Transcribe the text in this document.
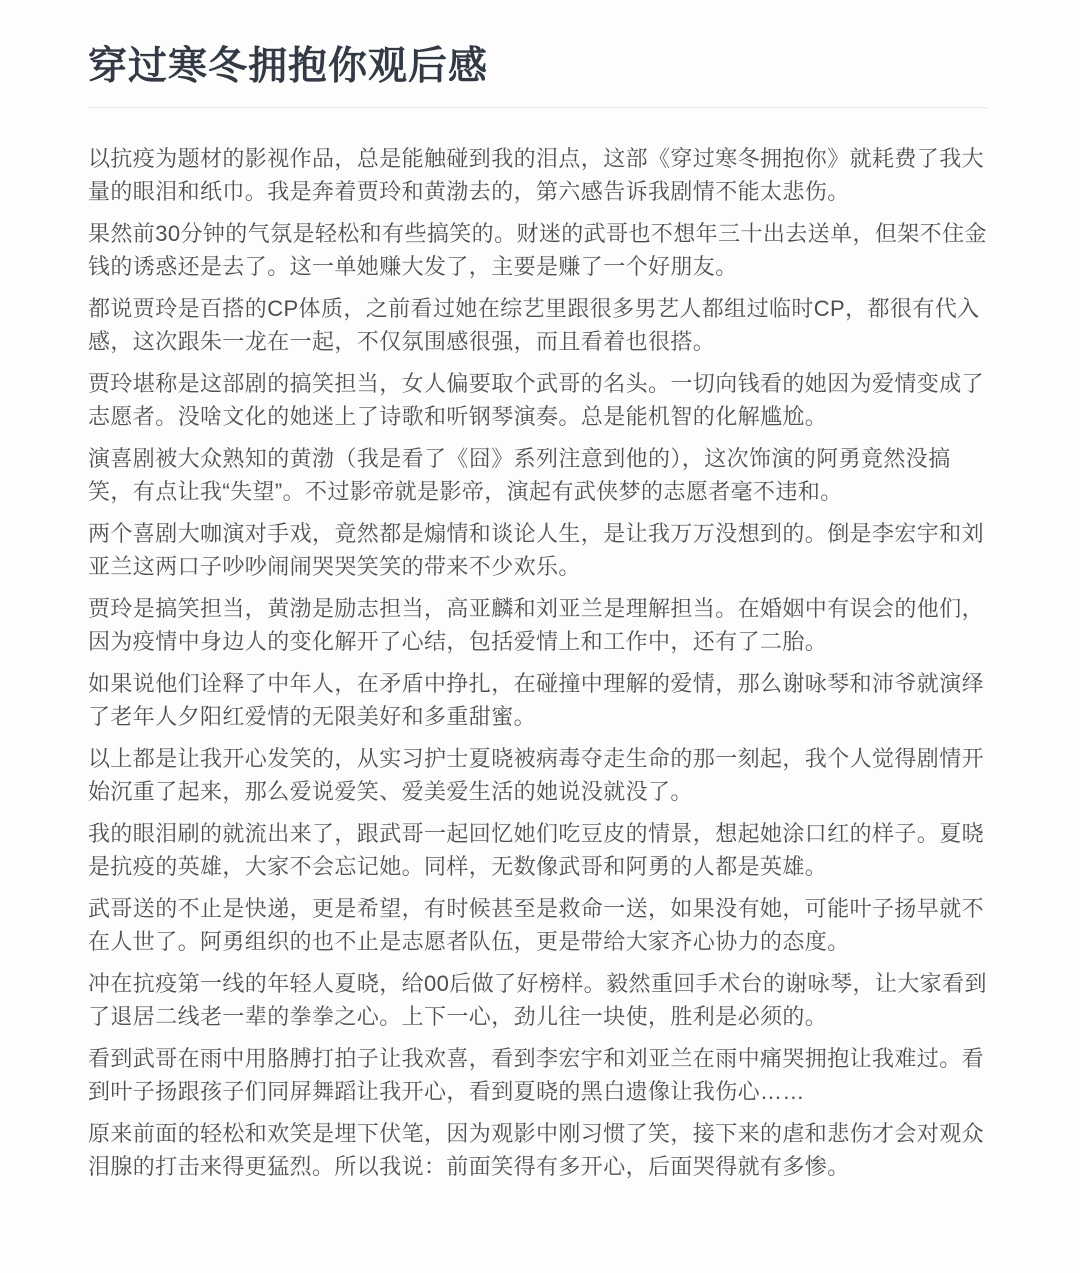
穿过寒冬拥抱你观后感

以抗疫为题材的影视作品，总是能触碰到我的泪点，这部《穿过寒冬拥抱你》就耗费了我大量的眼泪和纸巾。我是奔着贾玲和黄渤去的，第六感告诉我剧情不能太悲伤。

果然前30分钟的气氛是轻松和有些搞笑的。财迷的武哥也不想年三十出去送单，但架不住金钱的诱惑还是去了。这一单她赚大发了，主要是赚了一个好朋友。

都说贾玲是百搭的CP体质，之前看过她在综艺里跟很多男艺人都组过临时CP，都很有代入感，这次跟朱一龙在一起，不仅氛围感很强，而且看着也很搭。

贾玲堪称是这部剧的搞笑担当，女人偏要取个武哥的名头。一切向钱看的她因为爱情变成了志愿者。没啥文化的她迷上了诗歌和听钢琴演奏。总是能机智的化解尴尬。

演喜剧被大众熟知的黄渤（我是看了《囧》系列注意到他的），这次饰演的阿勇竟然没搞笑，有点让我“失望”。不过影帝就是影帝，演起有武侠梦的志愿者毫不违和。

两个喜剧大咖演对手戏，竟然都是煽情和谈论人生，是让我万万没想到的。倒是李宏宇和刘亚兰这两口子吵吵闹闹哭哭笑笑的带来不少欢乐。

贾玲是搞笑担当，黄渤是励志担当，高亚麟和刘亚兰是理解担当。在婚姻中有误会的他们，因为疫情中身边人的变化解开了心结，包括爱情上和工作中，还有了二胎。

如果说他们诠释了中年人，在矛盾中挣扎，在碰撞中理解的爱情，那么谢咏琴和沛爷就演绎了老年人夕阳红爱情的无限美好和多重甜蜜。

以上都是让我开心发笑的，从实习护士夏晓被病毒夺走生命的那一刻起，我个人觉得剧情开始沉重了起来，那么爱说爱笑、爱美爱生活的她说没就没了。

我的眼泪刷的就流出来了，跟武哥一起回忆她们吃豆皮的情景，想起她涂口红的样子。夏晓是抗疫的英雄，大家不会忘记她。同样，无数像武哥和阿勇的人都是英雄。

武哥送的不止是快递，更是希望，有时候甚至是救命一送，如果没有她，可能叶子扬早就不在人世了。阿勇组织的也不止是志愿者队伍，更是带给大家齐心协力的态度。

冲在抗疫第一线的年轻人夏晓，给00后做了好榜样。毅然重回手术台的谢咏琴，让大家看到了退居二线老一辈的拳拳之心。上下一心，劲儿往一块使，胜利是必须的。

看到武哥在雨中用胳膊打拍子让我欢喜，看到李宏宇和刘亚兰在雨中痛哭拥抱让我难过。看到叶子扬跟孩子们同屏舞蹈让我开心，看到夏晓的黑白遗像让我伤心……

原来前面的轻松和欢笑是埋下伏笔，因为观影中刚习惯了笑，接下来的虐和悲伤才会对观众泪腺的打击来得更猛烈。所以我说：前面笑得有多开心，后面哭得就有多惨。
